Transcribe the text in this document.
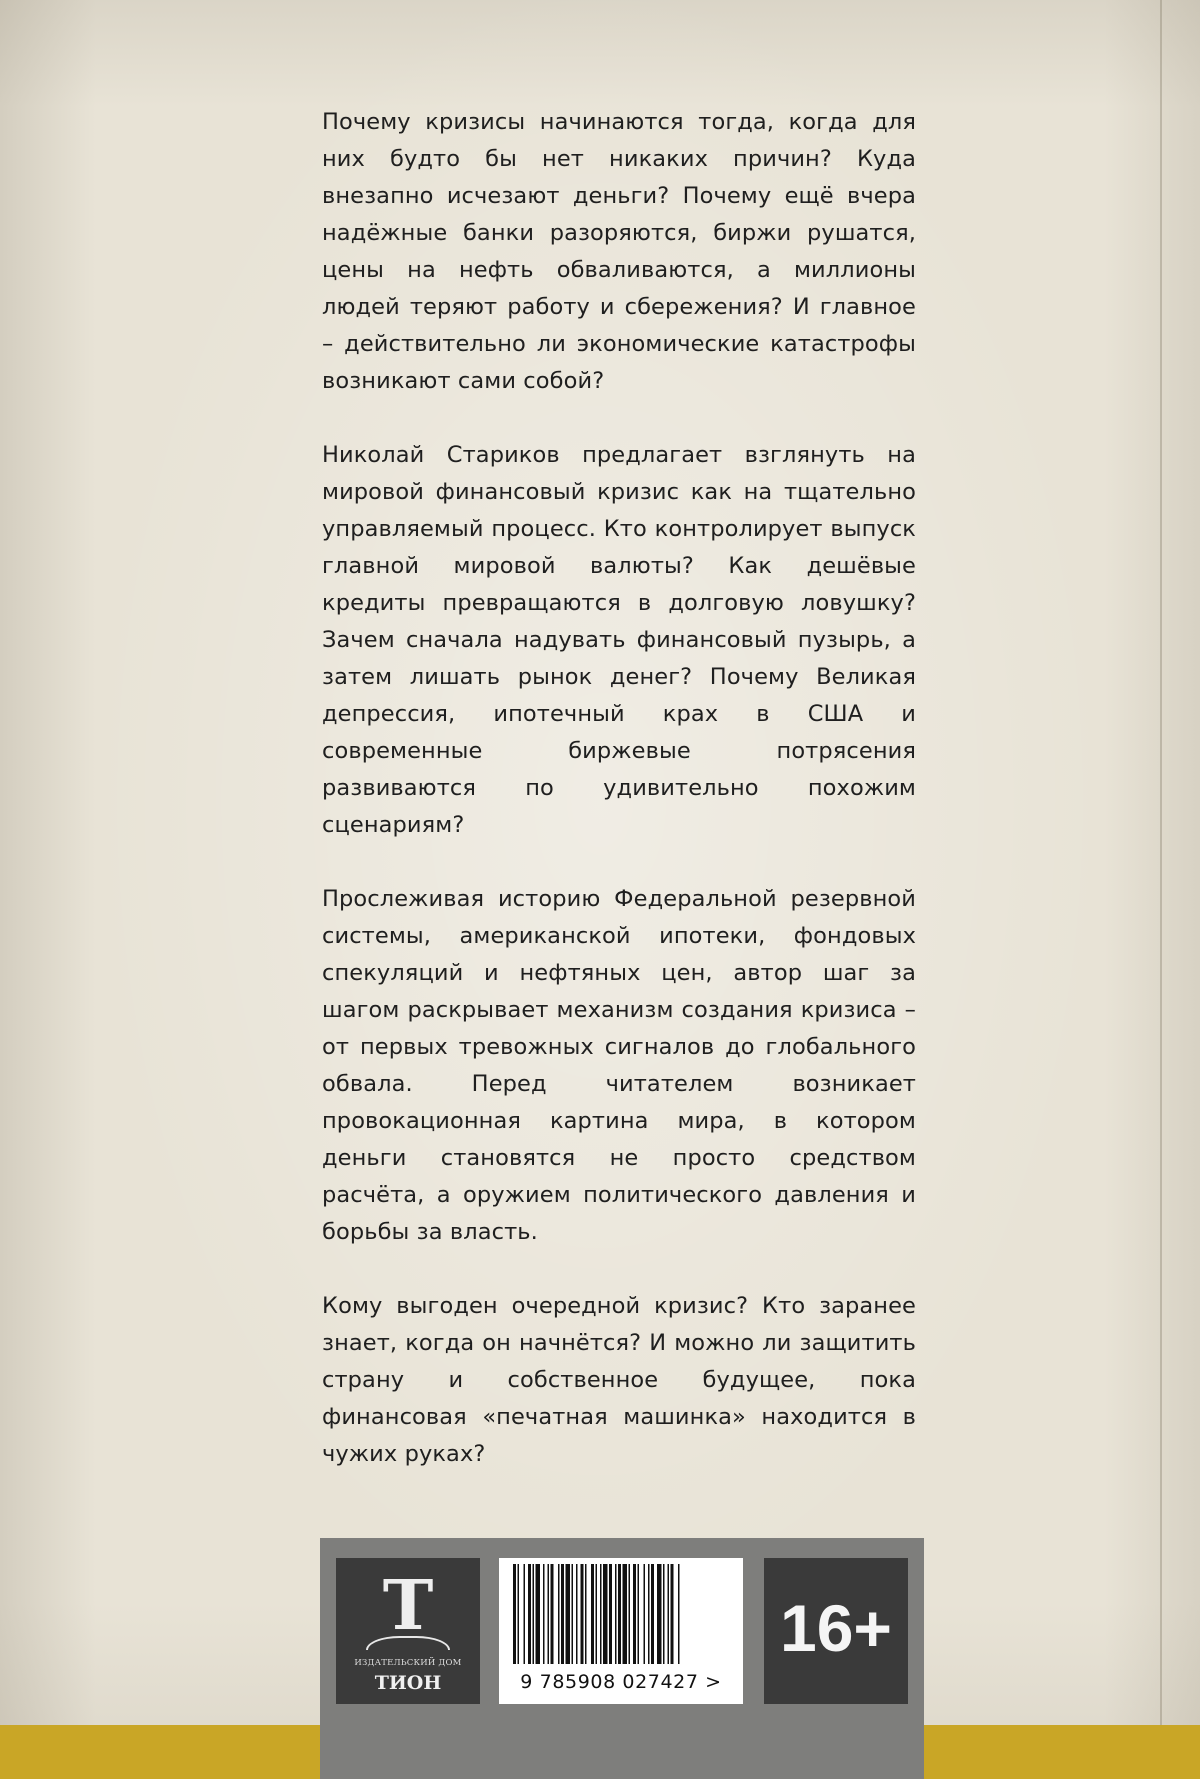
Почему кризисы начинаются тогда, когда для них будто бы нет никаких причин? Куда внезапно исчезают деньги? Почему ещё вчера надёжные банки разоряются, биржи рушатся, цены на нефть обваливаются, а миллионы людей теряют работу и сбережения? И главное – действительно ли экономические катастрофы возникают сами собой?

Николай Стариков предлагает взглянуть на мировой финансовый кризис как на тщательно управляемый процесс. Кто контролирует выпуск главной мировой валюты? Как дешёвые кредиты превращаются в долговую ловушку? Зачем сначала надувать финансовый пузырь, а затем лишать рынок денег? Почему Великая депрессия, ипотечный крах в США и современные биржевые потрясения развиваются по удивительно похожим сценариям?

Прослеживая историю Федеральной резервной системы, американской ипотеки, фондовых спекуляций и нефтяных цен, автор шаг за шагом раскрывает механизм создания кризиса – от первых тревожных сигналов до глобального обвала. Перед читателем возникает провокационная картина мира, в котором деньги становятся не просто средством расчёта, а оружием политического давления и борьбы за власть.

Кому выгоден очередной кризис? Кто заранее знает, когда он начнётся? И можно ли защитить страну и собственное будущее, пока финансовая «печатная машинка» находится в чужих руках?

Т
ИЗДАТЕЛЬСКИЙ ДОМ
ТИОН	9 785908 027427 >
16+
